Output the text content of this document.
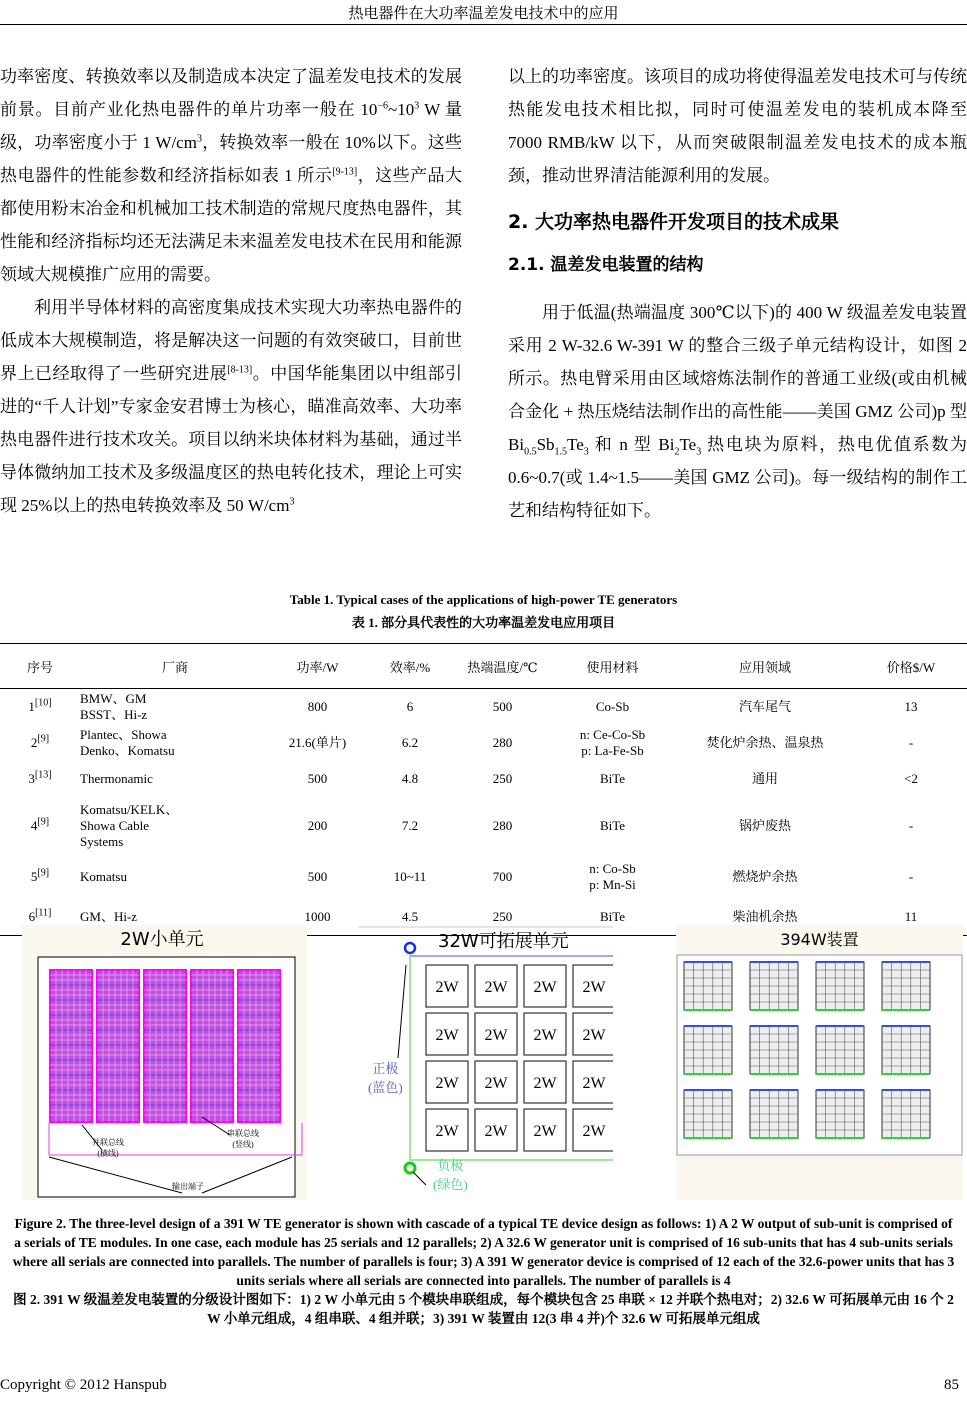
热电器件在大功率温差发电技术中的应用

功率密度、转换效率以及制造成本决定了温差发电技术的发展前景。目前产业化热电器件的单片功率一般在 $10^{-6}\sim 10^3$ W 量级，功率密度小于 1 $W/cm^3$，转换效率一般在 10%以下。这些热电器件的性能参数和经济指标如表 1 所示[9-13]，这些产品大都使用粉末冶金和机械加工技术制造的常规尺度热电器件，其性能和经济指标均还无法满足未来温差发电技术在民用和能源领域大规模推广应用的需要。

利用半导体材料的高密度集成技术实现大功率热电器件的低成本大规模制造，将是解决这一问题的有效突破口，目前世界上已经取得了一些研究进展[8-13]。中国华能集团以中组部引进的“千人计划”专家金安君博士为核心，瞄准高效率、大功率热电器件进行技术攻关。项目以纳米块体材料为基础，通过半导体微纳加工技术及多级温度区的热电转化技术，理论上可实现 25%以上的热电转换效率及 50 $W/cm^3$

以上的功率密度。该项目的成功将使得温差发电技术可与传统热能发电技术相比拟，同时可使温差发电的装机成本降至 7000 RMB/kW 以下，从而突破限制温差发电技术的成本瓶颈，推动世界清洁能源利用的发展。

2. 大功率热电器件开发项目的技术成果

2.1. 温差发电装置的结构

用于低温(热端温度 300℃以下)的 400 W 级温差发电装置采用 2 W-32.6 W-391 W 的整合三级子单元结构设计，如图 2 所示。热电臂采用由区域熔炼法制作的普通工业级(或由机械合金化 + 热压烧结法制作出的高性能——美国 GMZ 公司)p 型 $Bi_{0.5}Sb_{1.5}Te_3$ 和 n 型 $Bi_2Te_3$ 热电块为原料，热电优值系数为 0.6~0.7(或 1.4~1.5——美国 GMZ 公司)。每一级结构的制作工艺和结构特征如下。

Table 1. Typical cases of the applications of high-power TE generators
表 1. 部分具代表性的大功率温差发电应用项目
序号	厂商	功率/W	效率/%	热端温度/℃	使用材料	应用领域	价格$/W
1[10]	BMW、GM
BSST、Hi-z	800	6	500	Co-Sb	汽车尾气	13
2[9]	Plantec、Showa
Denko、Komatsu	21.6(单片)	6.2	280	n: Ce-Co-Sb
p: La-Fe-Sb	焚化炉余热、温泉热	-
3[13]	Thermonamic	500	4.8	250	BiTe	通用	<2
4[9]	Komatsu/KELK、
Showa Cable
Systems	200	7.2	280	BiTe	锅炉废热	-
5[9]	Komatsu	500	10~11	700	n: Co-Sb
p: Mn-Si	燃烧炉余热	-
6[11]	GM、Hi-z	1000	4.5	250	BiTe	柴油机余热	11
2W小单元
并联总线
(横线)
串联总线
(竖线)
输出端子
2W 2W 2W 2W
2W 2W 2W 2W
2W 2W 2W 2W
2W 2W 2W 2W
32W可拓展单元
正极
(蓝色)
负极
(绿色)
394W装置
Figure 2. The three-level design of a 391 W TE generator is shown with cascade of a typical TE device design as follows: 1) A 2 W output of sub-unit is comprised of a serials of TE modules. In one case, each module has 25 serials and 12 parallels; 2) A 32.6 W generator unit is comprised of 16 sub-units that has 4 sub-units serials where all serials are connected into parallels. The number of parallels is four; 3) A 391 W generator device is comprised of 12 each of the 32.6-power units that has 3 units serials where all serials are connected into parallels. The number of parallels is 4
图 2. 391 W 级温差发电装置的分级设计图如下：1) 2 W 小单元由 5 个模块串联组成，每个模块包含 25 串联 × 12 并联个热电对；2) 32.6 W 可拓展单元由 16 个 2 W 小单元组成，4 组串联、4 组并联；3) 391 W 装置由 12(3 串 4 并)个 32.6 W 可拓展单元组成
Copyright © 2012 Hanspub	85
